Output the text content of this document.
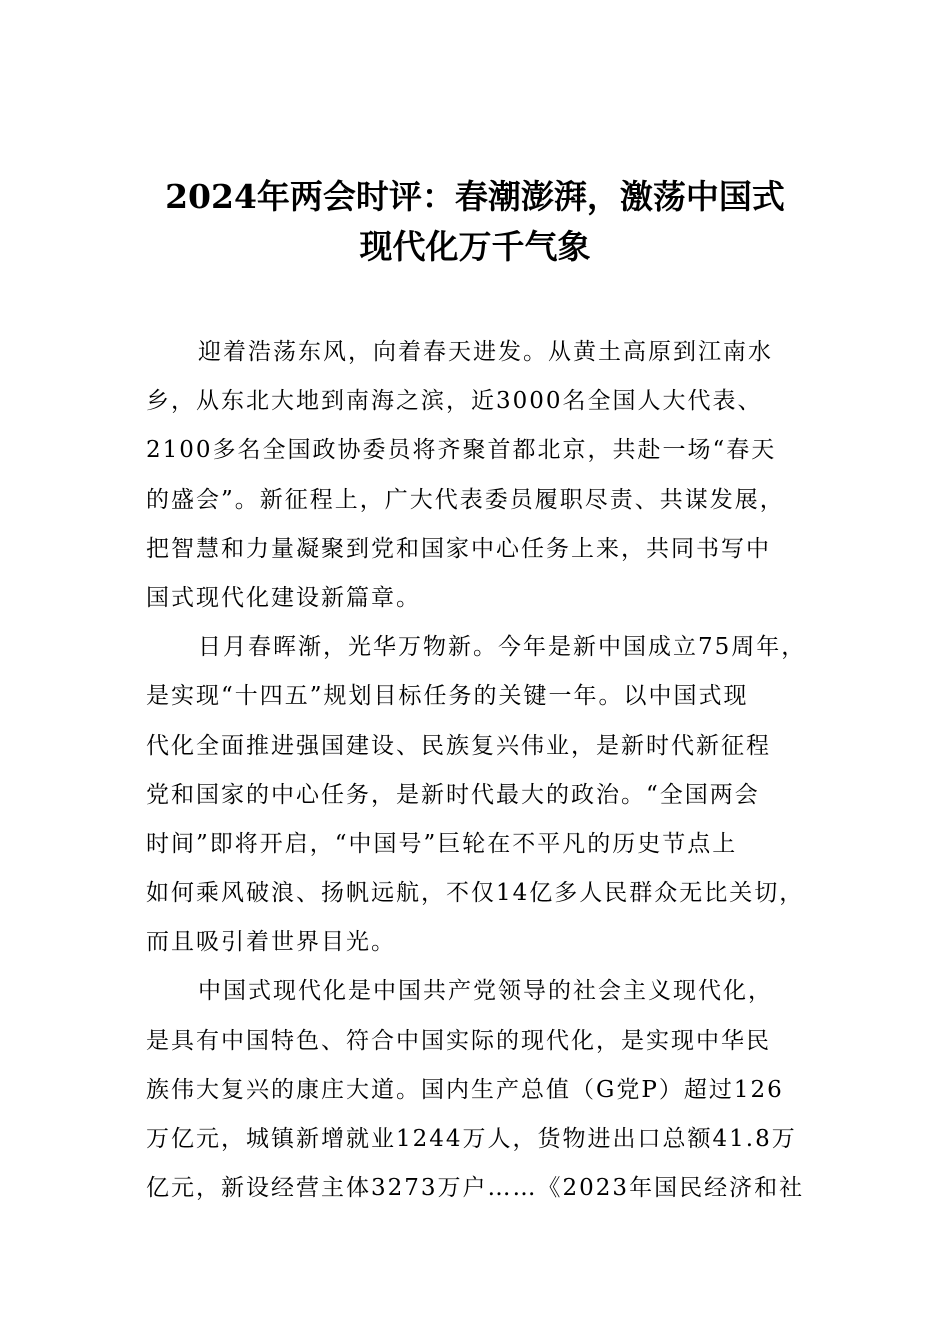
2024年两会时评：春潮澎湃，激荡中国式
现代化万千气象
迎着浩荡东风，向着春天进发。从黄土高原到江南水
乡，从东北大地到南海之滨，近3000名全国人大代表、
2100多名全国政协委员将齐聚首都北京，共赴一场“春天
的盛会”。新征程上，广大代表委员履职尽责、共谋发展，
把智慧和力量凝聚到党和国家中心任务上来，共同书写中
国式现代化建设新篇章。
日月春晖渐，光华万物新。今年是新中国成立75周年，
是实现“十四五”规划目标任务的关键一年。以中国式现
代化全面推进强国建设、民族复兴伟业，是新时代新征程
党和国家的中心任务，是新时代最大的政治。“全国两会
时间”即将开启，“中国号”巨轮在不平凡的历史节点上
如何乘风破浪、扬帆远航，不仅14亿多人民群众无比关切，
而且吸引着世界目光。
中国式现代化是中国共产党领导的社会主义现代化，
是具有中国特色、符合中国实际的现代化，是实现中华民
族伟大复兴的康庄大道。国内生产总值（G党P）超过126
万亿元，城镇新增就业1244万人，货物进出口总额41.8万
亿元，新设经营主体3273万户……《2023年国民经济和社
